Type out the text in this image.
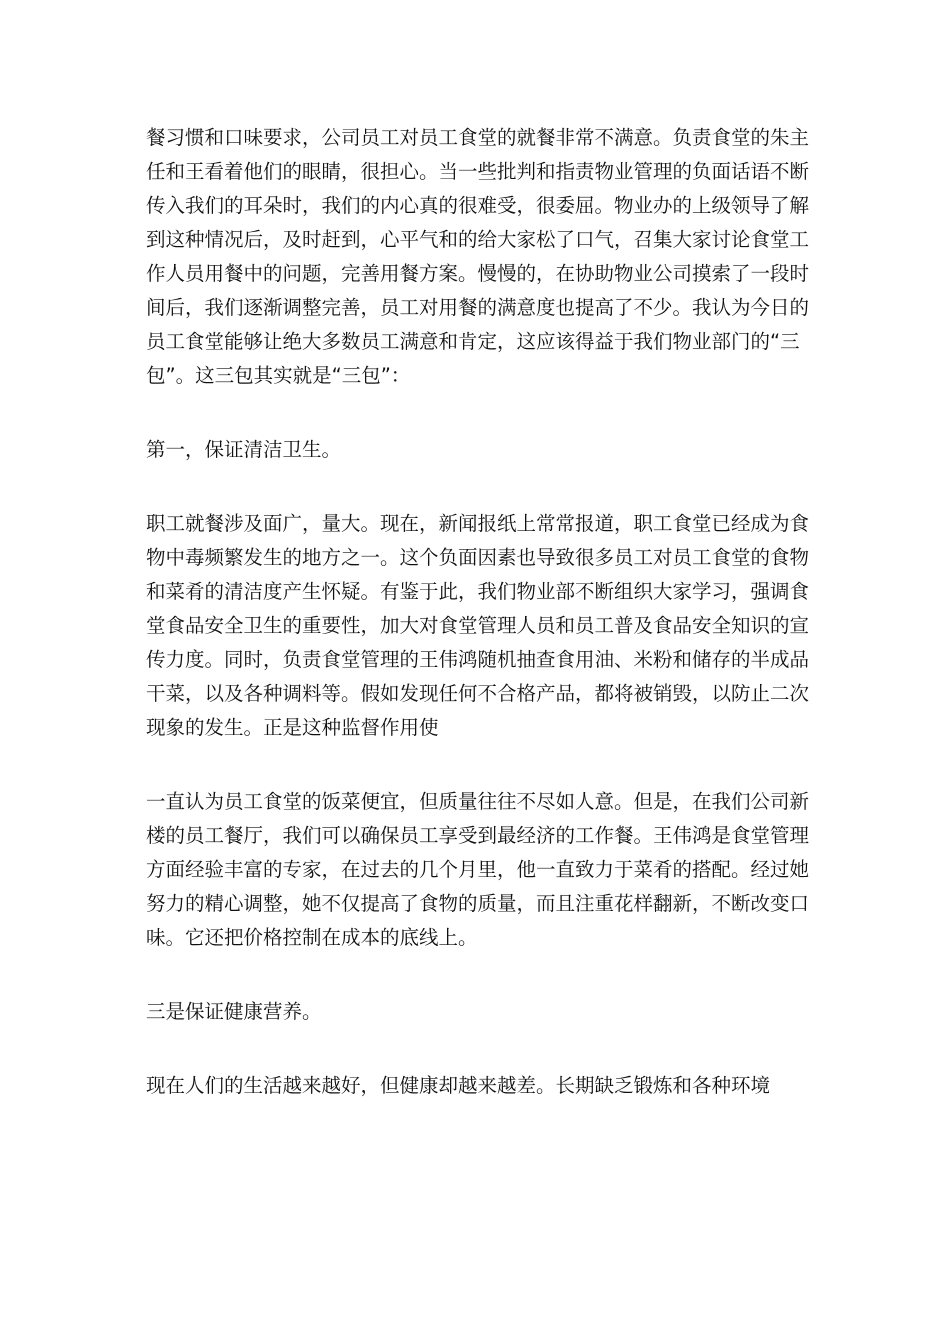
餐习惯和口味要求，公司员工对员工食堂的就餐非常不满意。负责食堂的朱主
任和王看着他们的眼睛，很担心。当一些批判和指责物业管理的负面话语不断
传入我们的耳朵时，我们的内心真的很难受，很委屈。物业办的上级领导了解
到这种情况后，及时赶到，心平气和的给大家松了口气，召集大家讨论食堂工
作人员用餐中的问题，完善用餐方案。慢慢的，在协助物业公司摸索了一段时
间后，我们逐渐调整完善，员工对用餐的满意度也提高了不少。我认为今日的
员工食堂能够让绝大多数员工满意和肯定，这应该得益于我们物业部门的“三
包”。这三包其实就是“三包”：

第一，保证清洁卫生。

职工就餐涉及面广，量大。现在，新闻报纸上常常报道，职工食堂已经成为食
物中毒频繁发生的地方之一。这个负面因素也导致很多员工对员工食堂的食物
和菜肴的清洁度产生怀疑。有鉴于此，我们物业部不断组织大家学习，强调食
堂食品安全卫生的重要性，加大对食堂管理人员和员工普及食品安全知识的宣
传力度。同时，负责食堂管理的王伟鸿随机抽查食用油、米粉和储存的半成品
干菜，以及各种调料等。假如发现任何不合格产品，都将被销毁，以防止二次
现象的发生。正是这种监督作用使

一直认为员工食堂的饭菜便宜，但质量往往不尽如人意。但是，在我们公司新
楼的员工餐厅，我们可以确保员工享受到最经济的工作餐。王伟鸿是食堂管理
方面经验丰富的专家，在过去的几个月里，他一直致力于菜肴的搭配。经过她
努力的精心调整，她不仅提高了食物的质量，而且注重花样翻新，不断改变口
味。它还把价格控制在成本的底线上。

三是保证健康营养。

现在人们的生活越来越好，但健康却越来越差。长期缺乏锻炼和各种环境
